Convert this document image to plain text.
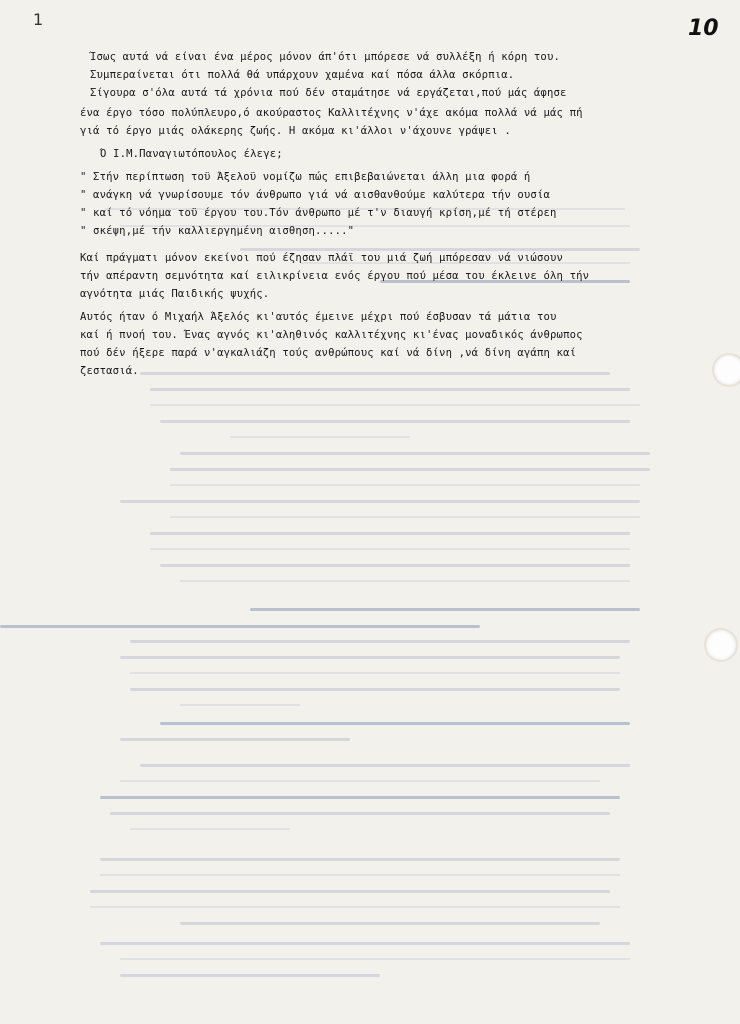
1	10
Ίσως αυτά νά είναι ένα μέρος μόνον άπ'ότι μπόρεσε νά συλλέξη ή κόρη του.
Συμπεραίνεται ότι πολλά θά υπάρχουν χαμένα καί πόσα άλλα σκόρπια.
Σίγουρα σ'όλα αυτά τά χρόνια πού δέν σταμάτησε νά εργάζεται,πού μάς άφησε
ένα έργο τόσο πολύπλευρο,ό ακούραστος Καλλιτέχνης ν'άχε ακόμα πολλά νά μάς πή
γιά τό έργο μιάς ολάκερης ζωής. Η ακόμα κι'άλλοι ν'άχουνε γράψει .
Ό Ι.Μ.Παναγιωτόπουλος έλεγε;
" Στήν περίπτωση τοϋ Άξελοϋ νομίζω πώς επιβεβαιώνεται άλλη μια φορά ή
" ανάγκη νά γνωρίσουμε τόν άνθρωπο γιά νά αισθανθούμε καλύτερα τήν ουσία
" καί τό νόημα τοϋ έργου του.Τόν άνθρωπο μέ τ'ν διαυγή κρίση,μέ τή στέρεη
" σκέψη,μέ τήν καλλιεργημένη αισθηση....."
Καί πράγματι μόνον εκείνοι πού έζησαν πλάϊ του μιά ζωή μπόρεσαν νά νιώσουν
τήν απέραντη σεμνότητα καί ειλικρίνεια ενός έργου πού μέσα του έκλεινε όλη τήν
αγνότητα μιάς Παιδικής ψυχής.
Αυτός ήταν ό Μιχαήλ Άξελός κι'αυτός έμεινε μέχρι πού έσβυσαν τά μάτια του
καί ή πνοή του. Ένας αγνός κι'αληθινός καλλιτέχνης κι'ένας μοναδικός άνθρωπος
πού δέν ήξερε παρά ν'αγκαλιάζη τούς ανθρώπους καί νά δίνη ,νά δίνη αγάπη καί
ζεστασιά.
